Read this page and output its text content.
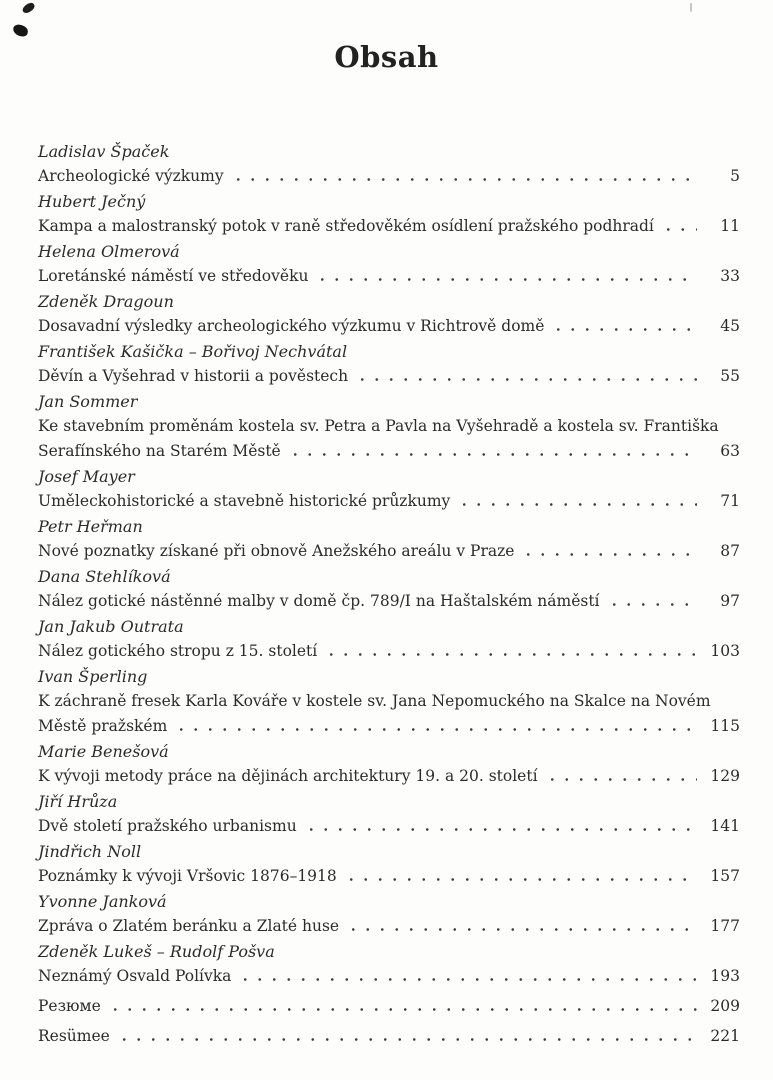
Obsah
Ladislav Špaček
Archeologické výzkumy	5
Hubert Ječný
Kampa a malostranský potok v raně středověkém osídlení pražského podhradí	11
Helena Olmerová
Loretánské náměstí ve středověku	33
Zdeněk Dragoun
Dosavadní výsledky archeologického výzkumu v Richtrově domě	45
František Kašička – Bořivoj Nechvátal
Děvín a Vyšehrad v historii a pověstech	55
Jan Sommer
Ke stavebním proměnám kostela sv. Petra a Pavla na Vyšehradě a kostela sv. Františka
Serafínského na Starém Městě	63
Josef Mayer
Uměleckohistorické a stavebně historické průzkumy	71
Petr Heřman
Nové poznatky získané při obnově Anežského areálu v Praze	87
Dana Stehlíková
Nález gotické nástěnné malby v domě čp. 789/I na Haštalském náměstí	97
Jan Jakub Outrata
Nález gotického stropu z 15. století	103
Ivan Šperling
K záchraně fresek Karla Kováře v kostele sv. Jana Nepomuckého na Skalce na Novém
Městě pražském	115
Marie Benešová
K vývoji metody práce na dějinách architektury 19. a 20. století	129
Jiří Hrůza
Dvě století pražského urbanismu	141
Jindřich Noll
Poznámky k vývoji Vršovic 1876–1918	157
Yvonne Janková
Zpráva o Zlatém beránku a Zlaté huse	177
Zdeněk Lukeš – Rudolf Pošva
Neznámý Osvald Polívka	193
Резюме	209
Resümee	221
